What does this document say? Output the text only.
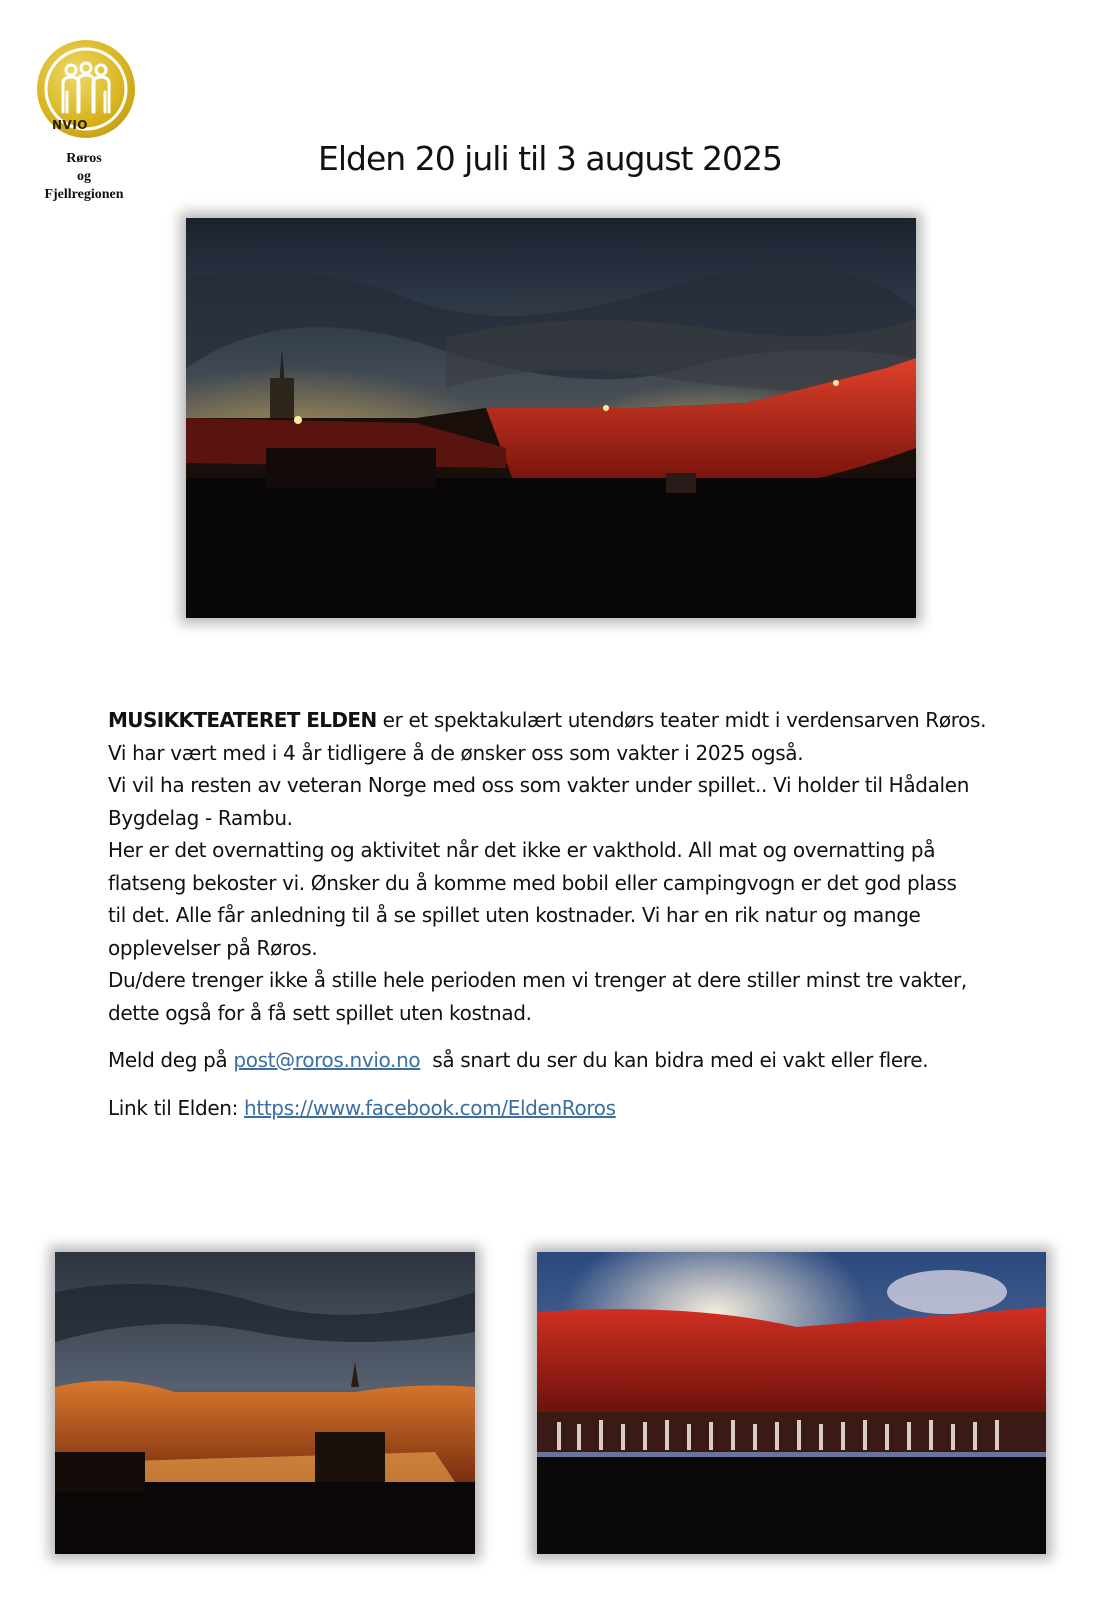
NVIO
Røros
og
Fjellregionen
Elden 20 juli til 3 august 2025

MUSIKKTEATERET ELDEN er et spektakulært utendørs teater midt i verdensarven Røros.
Vi har vært med i 4 år tidligere å de ønsker oss som vakter i 2025 også.
Vi vil ha resten av veteran Norge med oss som vakter under spillet.. Vi holder til Hådalen
Bygdelag - Rambu.
Her er det overnatting og aktivitet når det ikke er vakthold. All mat og overnatting på
flatseng bekoster vi. Ønsker du å komme med bobil eller campingvogn er det god plass
til det. Alle får anledning til å se spillet uten kostnader. Vi har en rik natur og mange
opplevelser på Røros.
Du/dere trenger ikke å stille hele perioden men vi trenger at dere stiller minst tre vakter,
dette også for å få sett spillet uten kostnad.

Meld deg på post@roros.nvio.no  så snart du ser du kan bidra med ei vakt eller flere.

Link til Elden: https://www.facebook.com/EldenRoros
